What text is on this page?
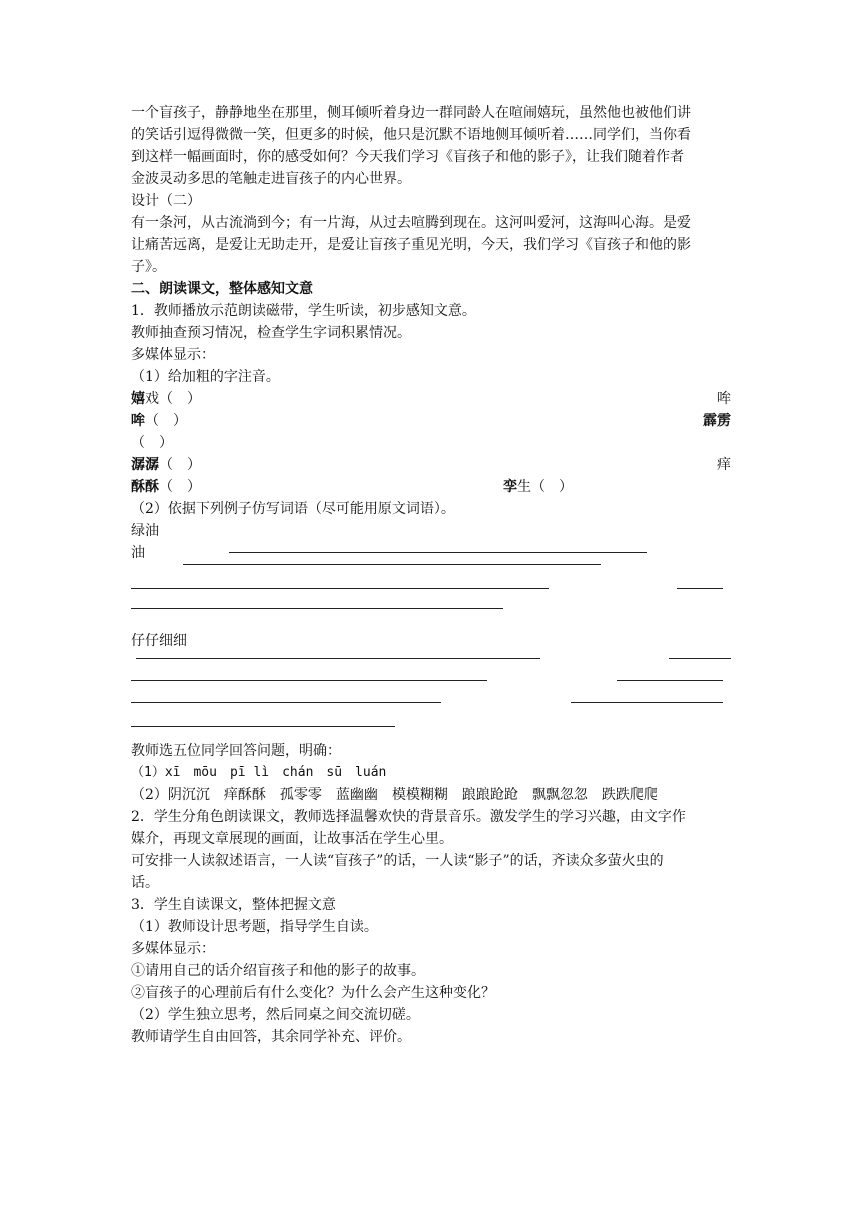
一个盲孩子，静静地坐在那里，侧耳倾听着身边一群同龄人在喧闹嬉玩，虽然他也被他们讲
的笑话引逗得微微一笑，但更多的时候，他只是沉默不语地侧耳倾听着……同学们，当你看
到这样一幅画面时，你的感受如何？今天我们学习《盲孩子和他的影子》，让我们随着作者
金波灵动多思的笔触走进盲孩子的内心世界。
设计（二）
有一条河，从古流淌到今；有一片海，从过去喧腾到现在。这河叫爱河，这海叫心海。是爱
让痛苦远离，是爱让无助走开，是爱让盲孩子重见光明，今天，我们学习《盲孩子和他的影
子》。
二、朗读课文，整体感知文意
1．教师播放示范朗读磁带，学生听读，初步感知文意。
教师抽查预习情况，检查学生字词积累情况。
多媒体显示：
（1）给加粗的字注音。
嬉戏（　）	哞
哞（　）	霹雳
（　）
潺潺（　）	痒
酥酥（　）	孪生（　）
（2）依据下列例子仿写词语（尽可能用原文词语）。
绿油
油
仔仔细细
教师选五位同学回答问题，明确：
（1）xī　mōu　pī lì　chán　sū　luán
（2）阴沉沉　痒酥酥　孤零零　蓝幽幽　模模糊糊　踉踉跄跄　飘飘忽忽　跌跌爬爬
2．学生分角色朗读课文，教师选择温馨欢快的背景音乐。激发学生的学习兴趣，由文字作
媒介，再现文章展现的画面，让故事活在学生心里。
可安排一人读叙述语言，一人读“盲孩子”的话，一人读“影子”的话，齐读众多萤火虫的
话。
3．学生自读课文，整体把握文意
（1）教师设计思考题，指导学生自读。
多媒体显示：
①请用自己的话介绍盲孩子和他的影子的故事。
②盲孩子的心理前后有什么变化？为什么会产生这种变化？
（2）学生独立思考，然后同桌之间交流切磋。
教师请学生自由回答，其余同学补充、评价。
